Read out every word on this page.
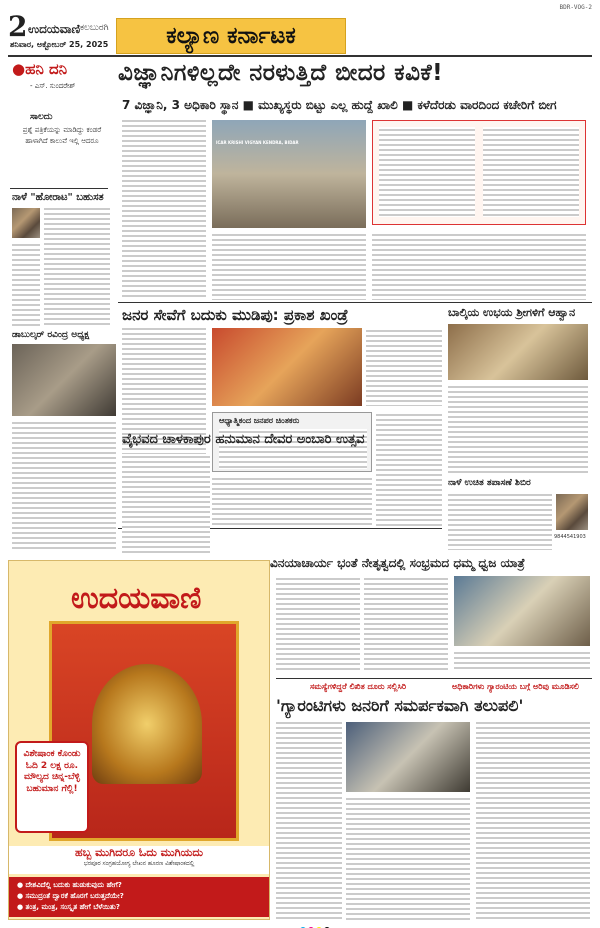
2 ಉದಯವಾಣಿ ಕಲಬುರಗಿ
ಶನಿವಾರ, ಅಕ್ಟೋಬರ್ 25, 2025
BDR-VOG-2
ಕಲ್ಯಾಣ ಕರ್ನಾಟಕ
●ಹನಿ ದನಿ
- ಎಸ್. ಸುಂದರೇಶ್
ಸಾಲದು
ಪ್ರಶ್ನೆ ಪತ್ರಿಕೆಯನ್ನು ಮಾಡಿದ್ದು ಕಂಡರೆ ಹಾಳಾಗಿದೆ ಕಾಲುವೆ ಇಲ್ಲಿ ಆದರೂ
ನಾಳೆ "ಹೋರಾಟ" ಬಹುಸತ
ಡಾಬುಲ್ಕರ್ ರವಿಂದ್ರ ಅಧ್ಯಕ್ಷ
ವಿಜ್ಞಾನಿಗಳಿಲ್ಲದೇ ನರಳುತ್ತಿದೆ ಬೀದರ ಕವಿಕೆ!
7 ವಿಜ್ಞಾನಿ, 3 ಅಧಿಕಾರಿ ಸ್ಥಾನ ■ ಮುಖ್ಯಸ್ಥರು ಬಿಟ್ಟು ಎಲ್ಲ ಹುದ್ದೆ ಖಾಲಿ ■ ಕಳೆದೆರಡು ವಾರದಿಂದ ಕಚೇರಿಗೆ ಬೀಗ
ICAR KRISHI VIGYAN KENDRA, BIDAR
ಜನರ ಸೇವೆಗೆ ಬದುಕು ಮುಡಿಪು: ಪ್ರಕಾಶ ಖಂಡ್ರೆ
ಆಧ್ಯಾತ್ಮಿಕಂದ ಜನಪರ ಚಿಂತಕರು
ಬಾಲ್ಕಿಯ ಉಭಯ ಶ್ರೀಗಳಿಗೆ ಆಹ್ವಾನ
ನಾಳೆ ಉಚಿತ ತಪಾಸಣೆ ಶಿಬಿರ
9844541903
ವೈಭವದ ಚಾಳಕಾಪುರ ಹನುಮಾನ ದೇವರ ಅಂಬಾರಿ ಉತ್ಸವ
ವಿನಯಾಚಾರ್ಯ ಭಂತೆ ನೇತೃತ್ವದಲ್ಲಿ ಸಂಭ್ರಮದ ಧಮ್ಮ ಧ್ವಜ ಯಾತ್ರೆ
ಸಮಸ್ಯೆಗಳಿದ್ದರೆ ಲಿಖಿತ ದೂರು ಸಲ್ಲಿಸಿರಿ	ಅಧಿಕಾರಿಗಳು ಗ್ಯಾರಂಟಿಯ ಬಗ್ಗೆ ಅರಿವು ಮೂಡಿಸಲಿ
'ಗ್ಯಾರಂಟಿಗಳು ಜನರಿಗೆ ಸಮರ್ಪಕವಾಗಿ ತಲುಪಲಿ'
ಉದಯವಾಣಿ
ವಿಶೇಷಾಂಕ ಕೊಂಡು ಓದಿ 2 ಲಕ್ಷ ರೂ. ಮೌಲ್ಯದ ಚಿನ್ನ-ಬೆಳ್ಳಿ ಬಹುಮಾನ ಗೆಲ್ಲಿ!
ಹಬ್ಬ ಮುಗಿದರೂ ಓದು ಮುಗಿಯದು
ಭರಪೂರ ಸಂಗ್ರಹಯೋಗ್ಯ ಲೇಖನ ಹೂರಣ ವಿಶೇಷಾಂಕದಲ್ಲಿ
● ದೇಶವಿದೆಲ್ಲಿ ಬದುಕು ಹುಡುಕುವುದು ಹೇಗೆ?
● ಸಮುದ್ರಂತೆ ದ್ವಾರಕೆ ಹೊರಗೆ ಬರುತ್ತದೆಯೇ?
● ತಂತ್ರ, ಮಂತ್ರ, ಸಂಸ್ಕೃತ ಹೇಗೆ ಬೆಳೆಯಿತು?
